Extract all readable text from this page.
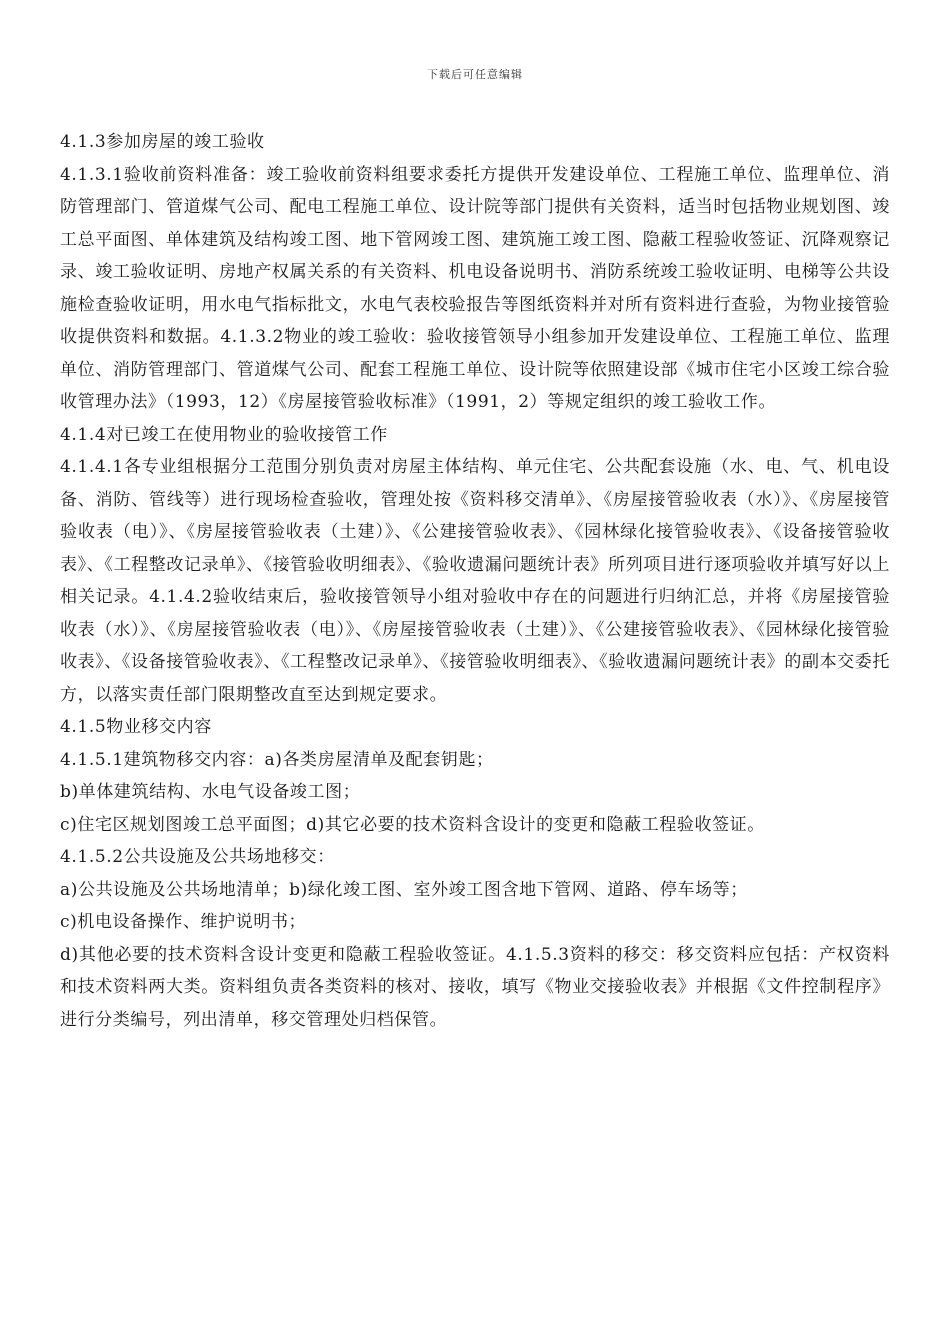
下载后可任意编辑

4.1.3参加房屋的竣工验收

4.1.3.1验收前资料准备：竣工验收前资料组要求委托方提供开发建设单位、工程施工单位、监理单位、消防管理部门、管道煤气公司、配电工程施工单位、设计院等部门提供有关资料，适当时包括物业规划图、竣工总平面图、单体建筑及结构竣工图、地下管网竣工图、建筑施工竣工图、隐蔽工程验收签证、沉降观察记录、竣工验收证明、房地产权属关系的有关资料、机电设备说明书、消防系统竣工验收证明、电梯等公共设施检查验收证明，用水电气指标批文，水电气表校验报告等图纸资料并对所有资料进行查验，为物业接管验收提供资料和数据。4.1.3.2物业的竣工验收：验收接管领导小组参加开发建设单位、工程施工单位、监理单位、消防管理部门、管道煤气公司、配套工程施工单位、设计院等依照建设部《城市住宅小区竣工综合验收管理办法》（1993，12）《房屋接管验收标准》（1991，2）等规定组织的竣工验收工作。

4.1.4对已竣工在使用物业的验收接管工作

4.1.4.1各专业组根据分工范围分别负责对房屋主体结构、单元住宅、公共配套设施（水、电、气、机电设备、消防、管线等）进行现场检查验收，管理处按《资料移交清单》、《房屋接管验收表（水）》、《房屋接管验收表（电）》、《房屋接管验收表（土建）》、《公建接管验收表》、《园林绿化接管验收表》、《设备接管验收表》、《工程整改记录单》、《接管验收明细表》、《验收遗漏问题统计表》所列项目进行逐项验收并填写好以上相关记录。4.1.4.2验收结束后，验收接管领导小组对验收中存在的问题进行归纳汇总，并将《房屋接管验收表（水）》、《房屋接管验收表（电）》、《房屋接管验收表（土建）》、《公建接管验收表》、《园林绿化接管验收表》、《设备接管验收表》、《工程整改记录单》、《接管验收明细表》、《验收遗漏问题统计表》的副本交委托方，以落实责任部门限期整改直至达到规定要求。

4.1.5物业移交内容

4.1.5.1建筑物移交内容：a)各类房屋清单及配套钥匙；

b)单体建筑结构、水电气设备竣工图；

c)住宅区规划图竣工总平面图；d)其它必要的技术资料含设计的变更和隐蔽工程验收签证。

4.1.5.2公共设施及公共场地移交：

a)公共设施及公共场地清单；b)绿化竣工图、室外竣工图含地下管网、道路、停车场等；

c)机电设备操作、维护说明书；

d)其他必要的技术资料含设计变更和隐蔽工程验收签证。4.1.5.3资料的移交：移交资料应包括：产权资料和技术资料两大类。资料组负责各类资料的核对、接收，填写《物业交接验收表》并根据《文件控制程序》进行分类编号，列出清单，移交管理处归档保管。
